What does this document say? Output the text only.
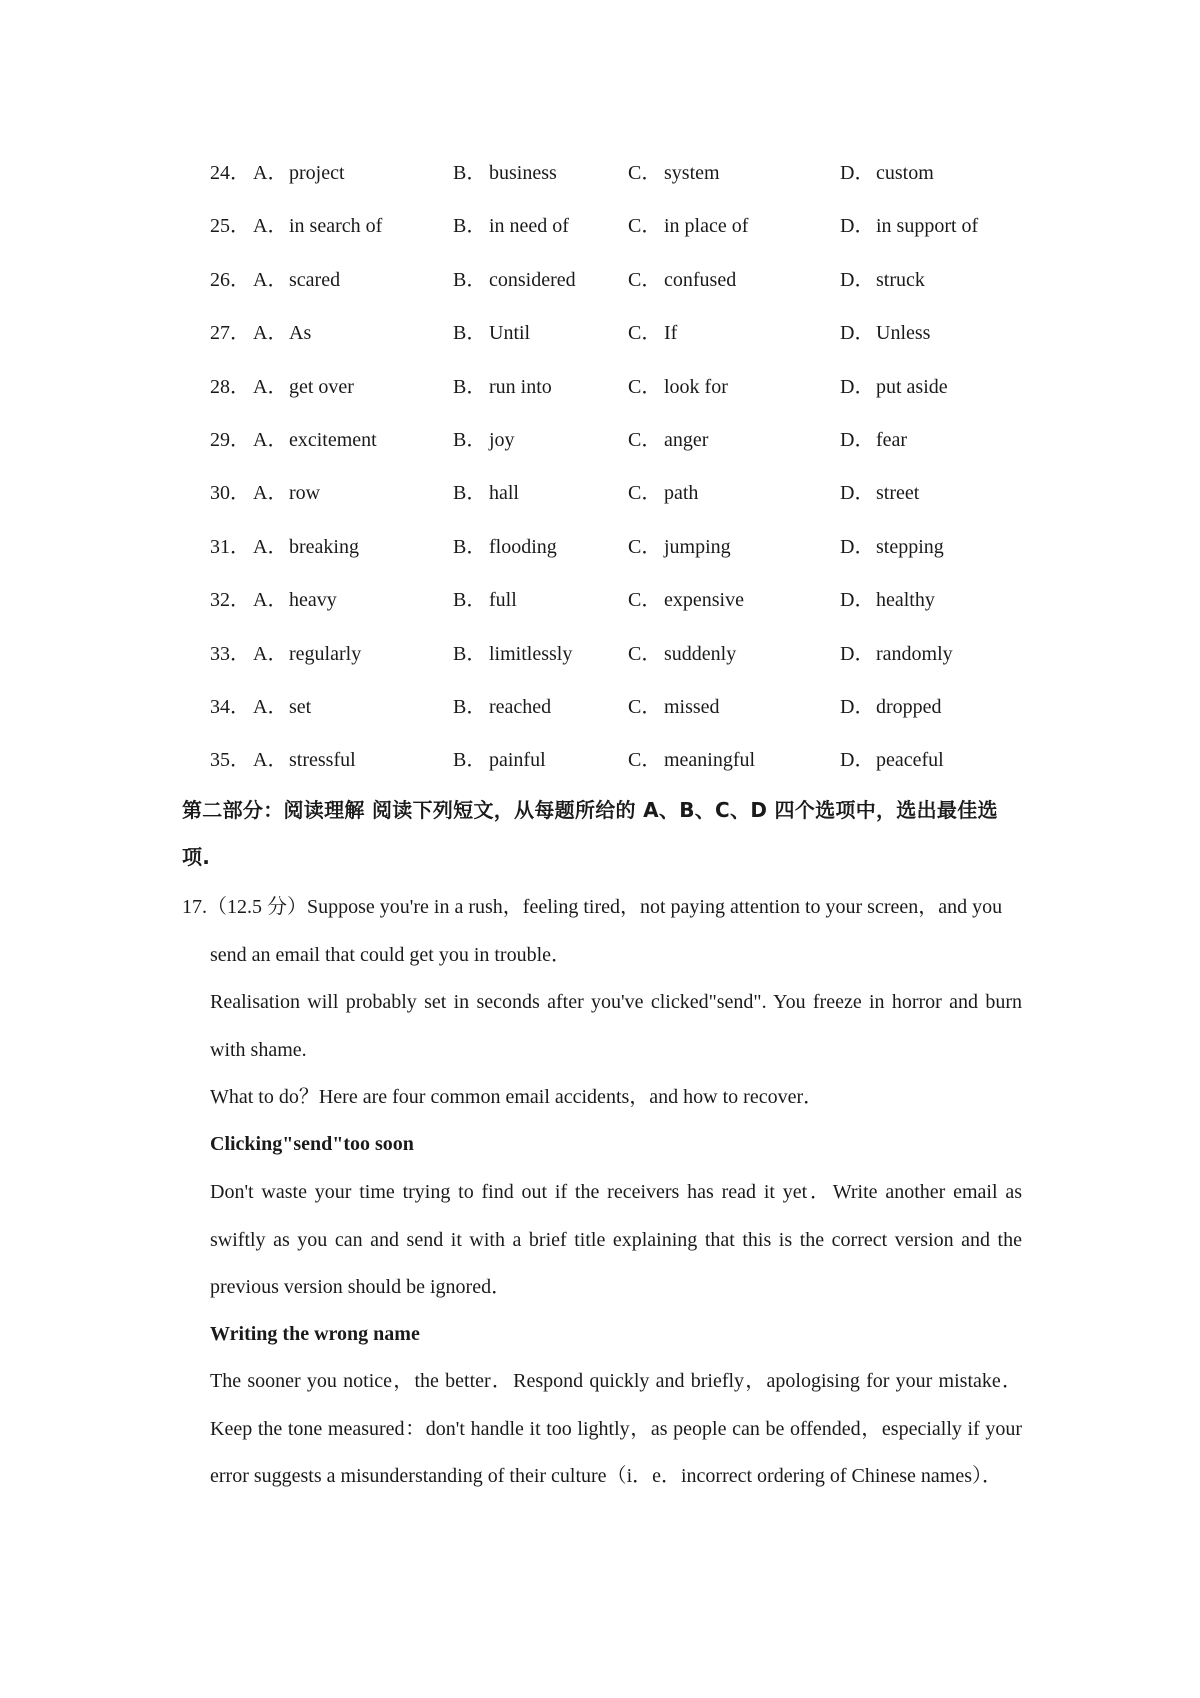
24． A． project	B． business	C． system	D． custom
25． A． in search of	B． in need of	C． in place of	D． in support of
26． A． scared	B． considered	C． confused	D． struck
27． A． As	B． Until	C． If	D． Unless
28． A． get over	B． run into	C． look for	D． put aside
29． A． excitement	B． joy	C． anger	D． fear
30． A． row	B． hall	C． path	D． street
31． A． breaking	B． flooding	C． jumping	D． stepping
32． A． heavy	B． full	C． expensive	D． healthy
33． A． regularly	B． limitlessly	C． suddenly	D． randomly
34． A． set	B． reached	C． missed	D． dropped
35． A． stressful	B． painful	C． meaningful	D． peaceful
第二部分：阅读理解 阅读下列短文，从每题所给的 A、B、C、D 四个选项中，选出最佳选
项.
17.（12.5 分）Suppose you're in a rush，feeling tired，not paying attention to your screen，and you
send an email that could get you in trouble．
Realisation will probably set in seconds after you've clicked"send". You freeze in horror and burn with shame.
What to do？Here are four common email accidents，and how to recover．
Clicking"send"too soon
Don't waste your time trying to find out if the receivers has read it yet．Write another email as swiftly as you can and send it with a brief title explaining that this is the correct version and the previous version should be ignored．
Writing the wrong name
The sooner you notice，the better．Respond quickly and briefly，apologising for your mistake．Keep the tone measured：don't handle it too lightly，as people can be offended，especially if your error suggests a misunderstanding of their culture（i．e．incorrect ordering of Chinese names）．
